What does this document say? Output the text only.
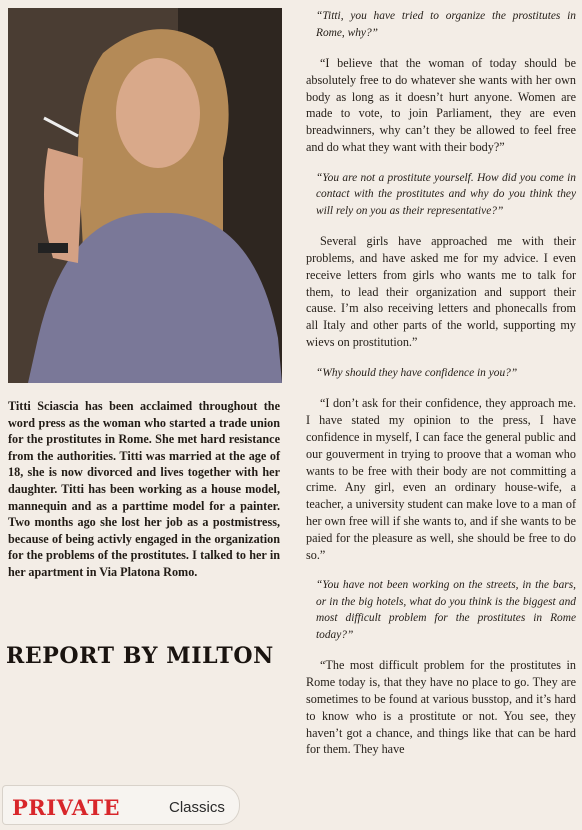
Titti Sciascia has been acclaimed throughout the word press as the woman who started a trade union for the prostitutes in Rome. She met hard resistance from the authorities. Titti was married at the age of 18, she is now divorced and lives together with her daughter. Titti has been working as a house model, mannequin and as a parttime model for a painter. Two months ago she lost her job as a postmistress, because of being activly engaged in the organization for the problems of the prostitutes. I talked to her in her apartment in Via Platona Romo.

REPORT BY MILTON

“Titti, you have tried to organize the prostitutes in Rome, why?”

“I believe that the woman of today should be absolutely free to do whatever she wants with her own body as long as it doesn’t hurt anyone. Women are made to vote, to join Parliament, they are even breadwinners, why can’t they be allowed to feel free and do what they want with their body?”

“You are not a prostitute yourself. How did you come in contact with the prostitutes and why do you think they will rely on you as their representative?”

Several girls have approached me with their problems, and have asked me for my advice. I even receive letters from girls who wants me to talk for them, to lead their organization and support their cause. I’m also receiving letters and phonecalls from all Italy and other parts of the world, supporting my wievs on prostitution.”

“Why should they have confidence in you?”

“I don’t ask for their confidence, they approach me. I have stated my opinion to the press, I have confidence in myself, I can face the general public and our gouverment in trying to proove that a woman who wants to be free with their body are not committing a crime. Any girl, even an ordinary house-wife, a teacher, a university student can make love to a man of her own free will if she wants to, and if she wants to be paied for the pleasure as well, she should be free to do so.”

“You have not been working on the streets, in the bars, or in the big hotels, what do you think is the biggest and most difficult problem for the prostitutes in Rome today?”

“The most difficult problem for the prostitutes in Rome today is, that they have no place to go. They are sometimes to be found at various busstop, and it’s hard to know who is a prostitute or not. You see, they haven’t got a chance, and things like that can be hard for them. They have

PRIVATE	Classics
